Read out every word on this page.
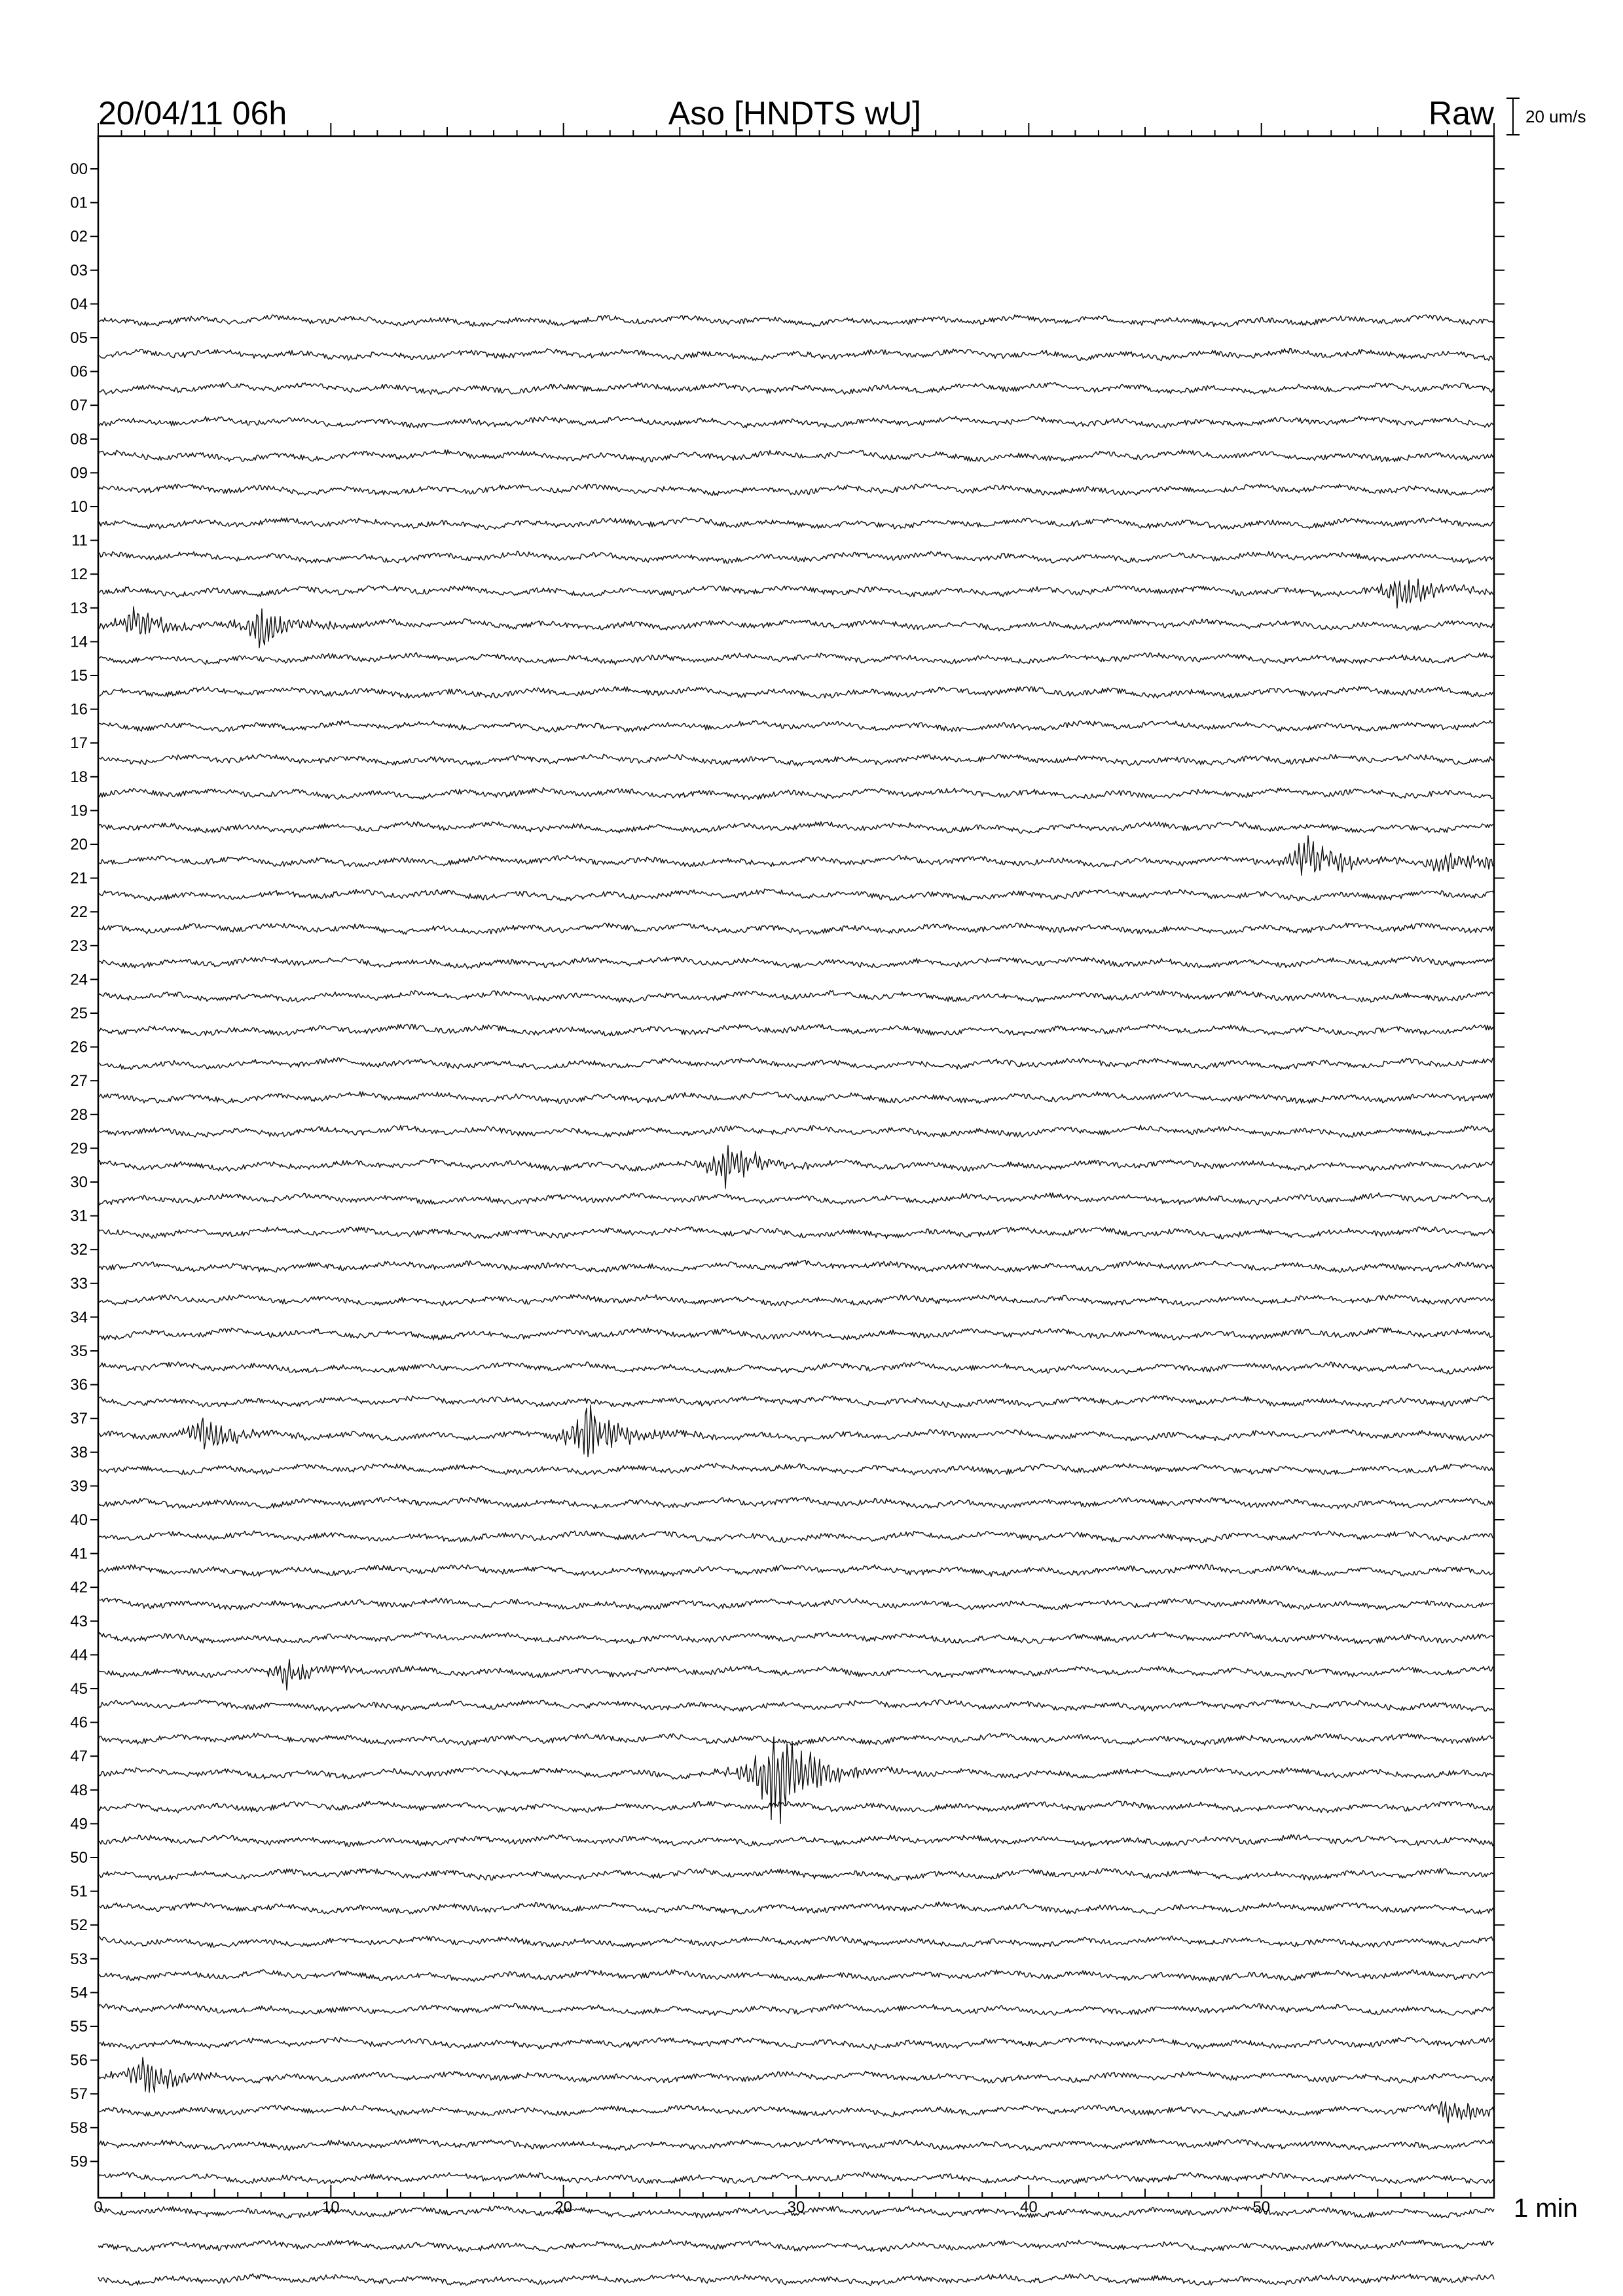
20/04/11 06h	Aso [HNDTS wU]	Raw 20 um/s
00
01
02
03
04
05
06
07
08
09
10
11
12
13
14
15
16
17
18
19
20
21
22
23
24
25
26
27
28
29
30
31
32
33
34
35
36
37
38
39
40
41
42
43
44
45
46
47
48
49
50
51
52
53
54
55
56
57
58
59
0	10	20	30	40	50	1 min
